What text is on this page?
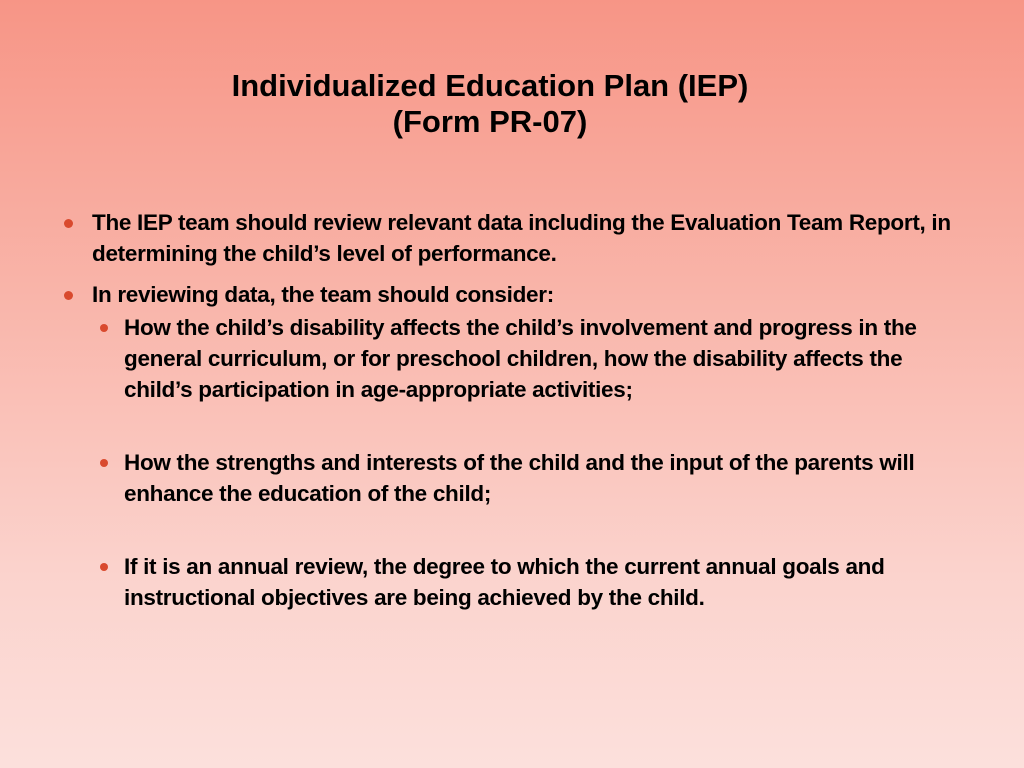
Individualized Education Plan (IEP)
(Form PR-07)
The IEP team should review relevant data including the Evaluation Team Report, in determining the child’s level of performance.
In reviewing data, the team should consider:
How the child’s disability affects the child’s involvement and progress in the general curriculum, or for preschool children, how the disability affects the child’s participation in age-appropriate activities;
How the strengths and interests of the child and the input of the parents will enhance the education of the child;
If it is an annual review, the degree to which the current annual goals and instructional objectives are being achieved by the child.
